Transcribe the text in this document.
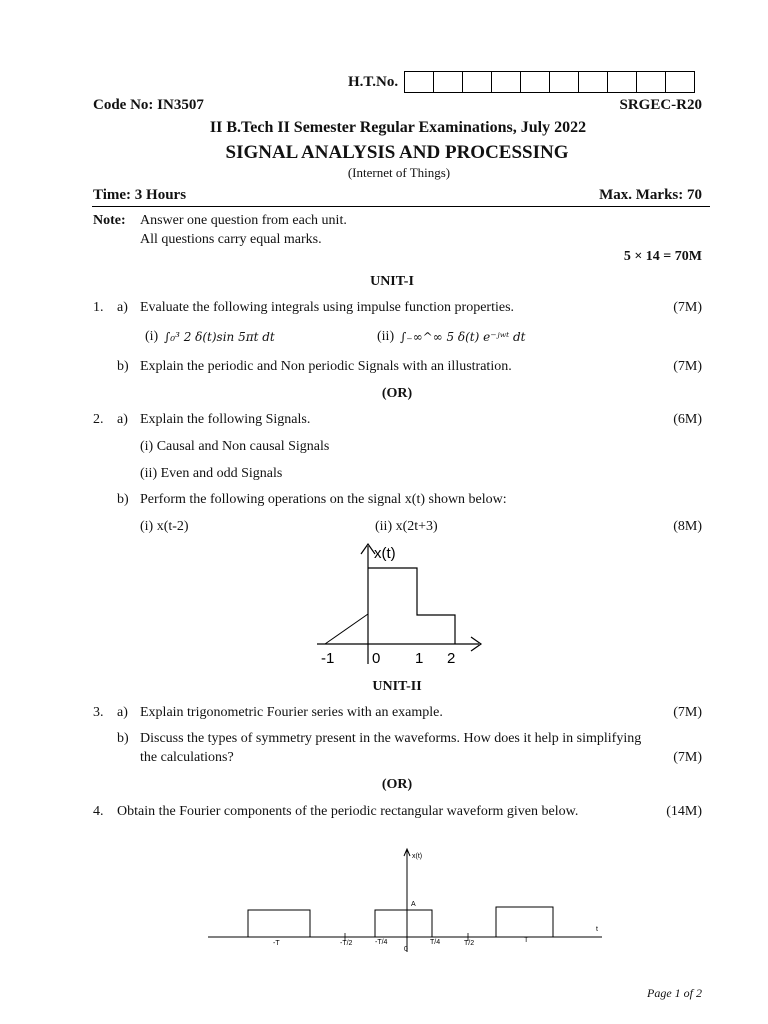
H.T.No.
Code No: IN3507	SRGEC-R20
II B.Tech II Semester Regular Examinations, July 2022
SIGNAL ANALYSIS AND PROCESSING
(Internet of Things)
Time: 3 Hours	Max. Marks: 70
Note: Answer one question from each unit.
All questions carry equal marks.
5 × 14 = 70M
UNIT-I
1. a) Evaluate the following integrals using impulse function properties.	(7M)
(i) ∫₀³ 2 δ(t)sin 5πt dt	(ii) ∫₋∞^∞ 5 δ(t) e⁻ʲʷᵗ dt
b) Explain the periodic and Non periodic Signals with an illustration.	(7M)
(OR)
2. a) Explain the following Signals.	(6M)
(i) Causal and Non causal Signals
(ii) Even and odd Signals
b) Perform the following operations on the signal x(t) shown below:
(i) x(t-2)	(ii) x(2t+3)	(8M)
x(t)
-1	0 1 2
UNIT-II
3. a) Explain trigonometric Fourier series with an example.	(7M)
b) Discuss the types of symmetry present in the waveforms. How does it help in simplifying
the calculations?	(7M)
(OR)
4. Obtain the Fourier components of the periodic rectangular waveform given below.	(14M)
x(t)
t
A
-T	-T/2	-T/4
0
T/4	T/2	T
Page 1 of 2
